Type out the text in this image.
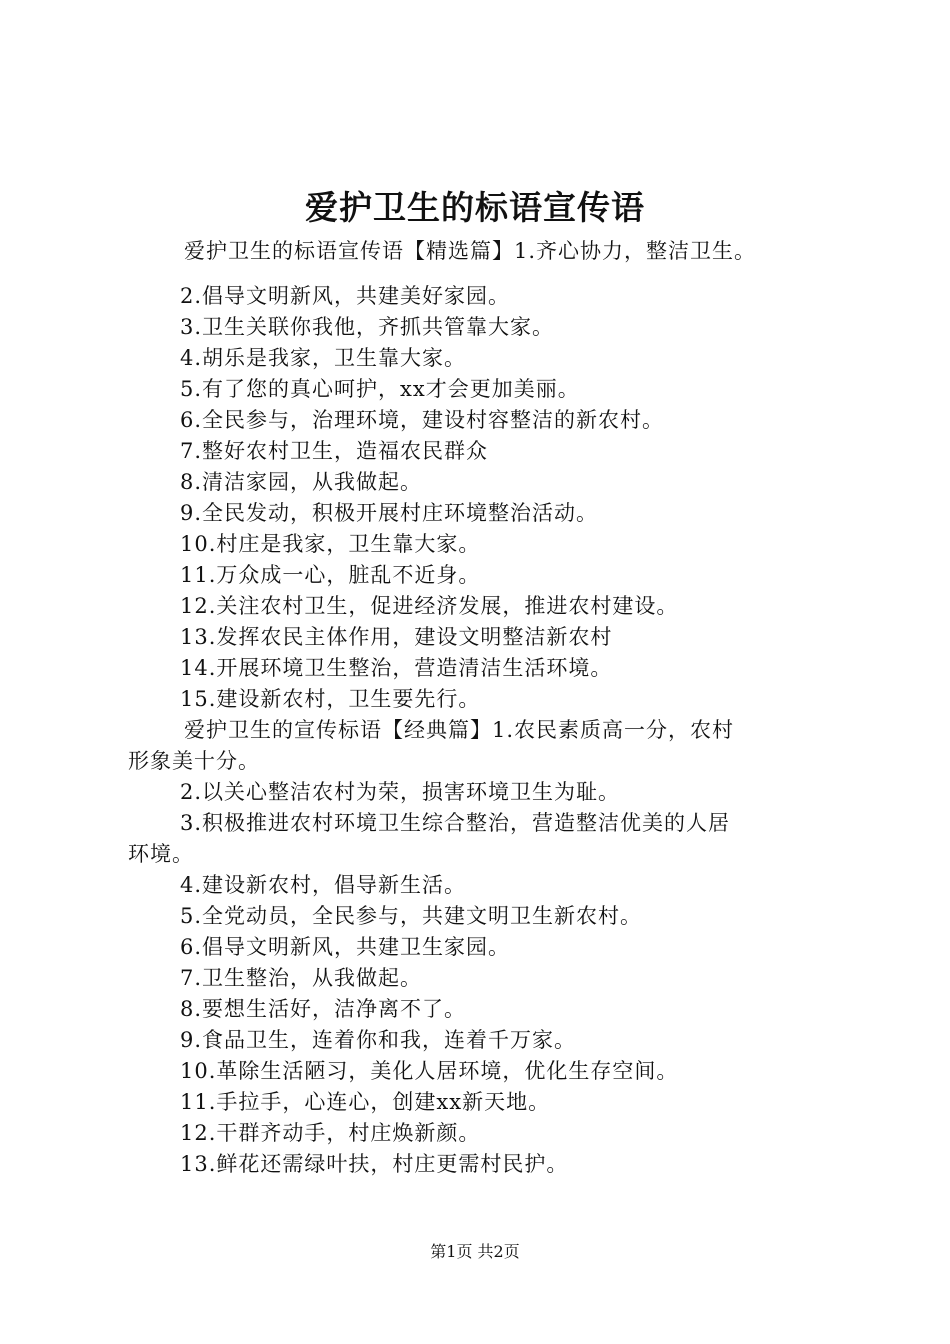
爱护卫生的标语宣传语
爱护卫生的标语宣传语【精选篇】1.齐心协力，整洁卫生。
2.倡导文明新风，共建美好家园。
3.卫生关联你我他，齐抓共管靠大家。
4.胡乐是我家，卫生靠大家。
5.有了您的真心呵护，xx才会更加美丽。
6.全民参与，治理环境，建设村容整洁的新农村。
7.整好农村卫生，造福农民群众
8.清洁家园，从我做起。
9.全民发动，积极开展村庄环境整治活动。
10.村庄是我家，卫生靠大家。
11.万众成一心，脏乱不近身。
12.关注农村卫生，促进经济发展，推进农村建设。
13.发挥农民主体作用，建设文明整洁新农村
14.开展环境卫生整治，营造清洁生活环境。
15.建设新农村，卫生要先行。
爱护卫生的宣传标语【经典篇】1.农民素质高一分，农村
形象美十分。
2.以关心整洁农村为荣，损害环境卫生为耻。
3.积极推进农村环境卫生综合整治，营造整洁优美的人居
环境。
4.建设新农村，倡导新生活。
5.全党动员，全民参与，共建文明卫生新农村。
6.倡导文明新风，共建卫生家园。
7.卫生整治，从我做起。
8.要想生活好，洁净离不了。
9.食品卫生，连着你和我，连着千万家。
10.革除生活陋习，美化人居环境，优化生存空间。
11.手拉手，心连心，创建xx新天地。
12.干群齐动手，村庄焕新颜。
13.鲜花还需绿叶扶，村庄更需村民护。
第1页 共2页
